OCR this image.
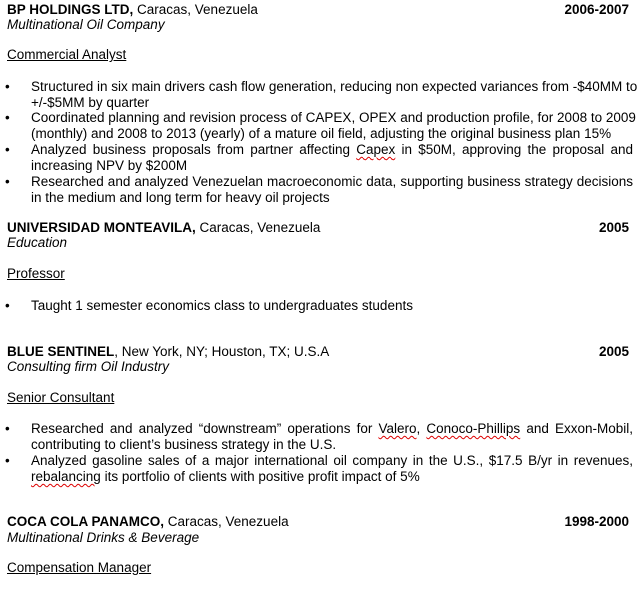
BP HOLDINGS LTD, Caracas, Venezuela	2006-2007
Multinational Oil Company
Commercial Analyst
• Structured in six main drivers cash flow generation, reducing non expected variances from -$40MM to
+/-$5MM by quarter
• Coordinated planning and revision process of CAPEX, OPEX and production profile, for 2008 to 2009
(monthly) and 2008 to 2013 (yearly) of a mature oil field, adjusting the original business plan 15%
• Analyzed business proposals from partner affecting Capex in $50M, approving the proposal and
increasing NPV by $200M
• Researched and analyzed Venezuelan macroeconomic data, supporting business strategy decisions
in the medium and long term for heavy oil projects
UNIVERSIDAD MONTEAVILA, Caracas, Venezuela	2005
Education
Professor
• Taught 1 semester economics class to undergraduates students
BLUE SENTINEL, New York, NY; Houston, TX; U.S.A	2005
Consulting firm Oil Industry
Senior Consultant
• Researched and analyzed “downstream” operations for Valero, Conoco-Phillips and Exxon-Mobil,
contributing to client’s business strategy in the U.S.
• Analyzed gasoline sales of a major international oil company in the U.S., $17.5 B/yr in revenues,
rebalancing its portfolio of clients with positive profit impact of 5%
COCA COLA PANAMCO, Caracas, Venezuela	1998-2000
Multinational Drinks & Beverage
Compensation Manager
